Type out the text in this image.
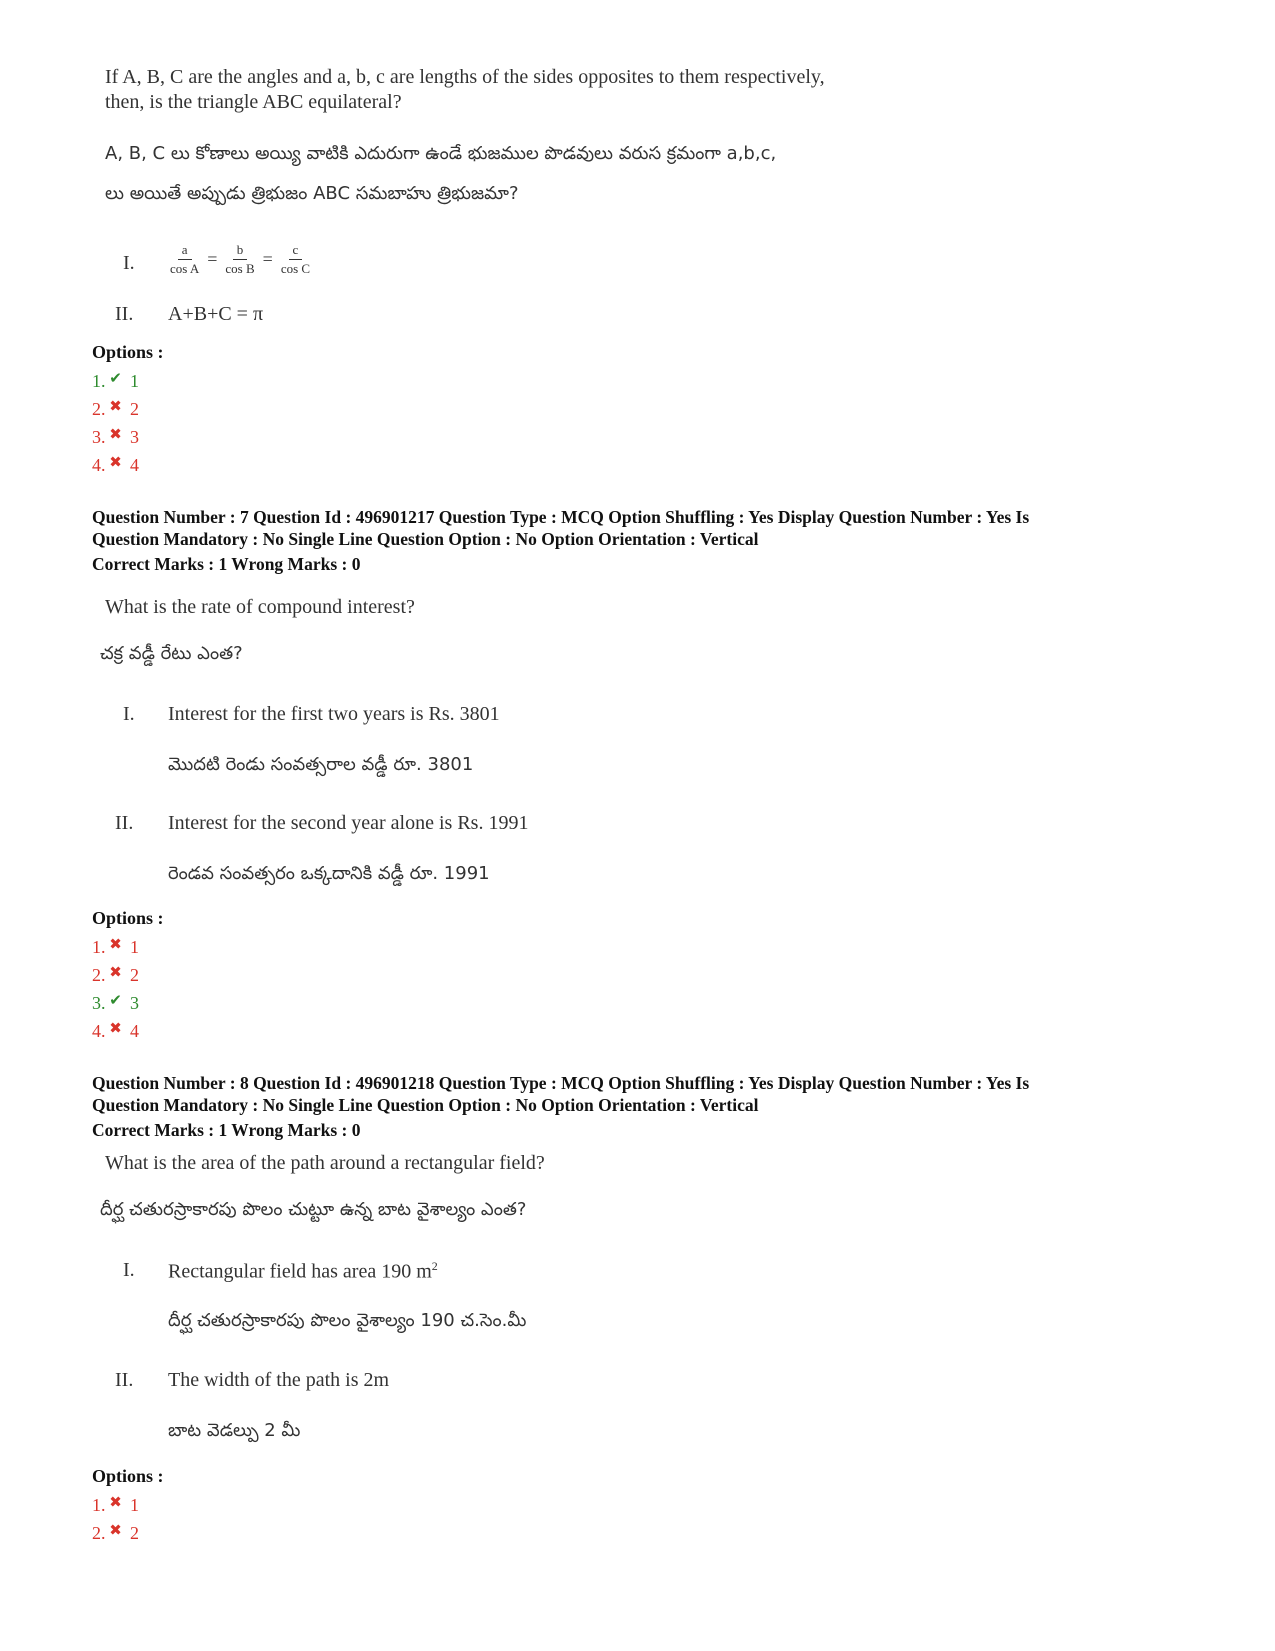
If A, B, C are the angles and a, b, c are lengths of the sides opposites to them respectively,
then, is the triangle ABC equilateral?
A, B, C లు కోణాలు అయ్యి వాటికి ఎదురుగా ఉండే భుజముల పొడవులు వరుస క్రమంగా a,b,c,
లు అయితే అప్పుడు త్రిభుజం ABC సమబాహు త్రిభుజమా?
I.	$\frac{a}{\text{cos A}} = \frac{b}{\text{cos B}} = \frac{c}{\text{cos C}}$
II. A+B+C = π
Options :
1. ✔ 1
2. ✖ 2
3. ✖ 3
4. ✖ 4
Question Number : 7 Question Id : 496901217 Question Type : MCQ Option Shuffling : Yes Display Question Number : Yes Is
Question Mandatory : No Single Line Question Option : No Option Orientation : Vertical
Correct Marks : 1 Wrong Marks : 0
What is the rate of compound interest?
చక్ర వడ్డీ రేటు ఎంత?
I. Interest for the first two years is Rs. 3801
మొదటి రెండు సంవత్సరాల వడ్డీ రూ. 3801
II. Interest for the second year alone is Rs. 1991
రెండవ సంవత్సరం ఒక్కదానికి వడ్డీ రూ. 1991
Options :
1. ✖ 1
2. ✖ 2
3. ✔ 3
4. ✖ 4
Question Number : 8 Question Id : 496901218 Question Type : MCQ Option Shuffling : Yes Display Question Number : Yes Is
Question Mandatory : No Single Line Question Option : No Option Orientation : Vertical
Correct Marks : 1 Wrong Marks : 0
What is the area of the path around a rectangular field?
దీర్ఘ చతురస్రాకారపు పొలం చుట్టూ ఉన్న బాట వైశాల్యం ఎంత?
I. Rectangular field has area 190 $m^2$
దీర్ఘ చతురస్రాకారపు పొలం వైశాల్యం 190 చ.సెం.మీ
II. The width of the path is 2m
బాట వెడల్పు 2 మీ
Options :
1. ✖ 1
2. ✖ 2
